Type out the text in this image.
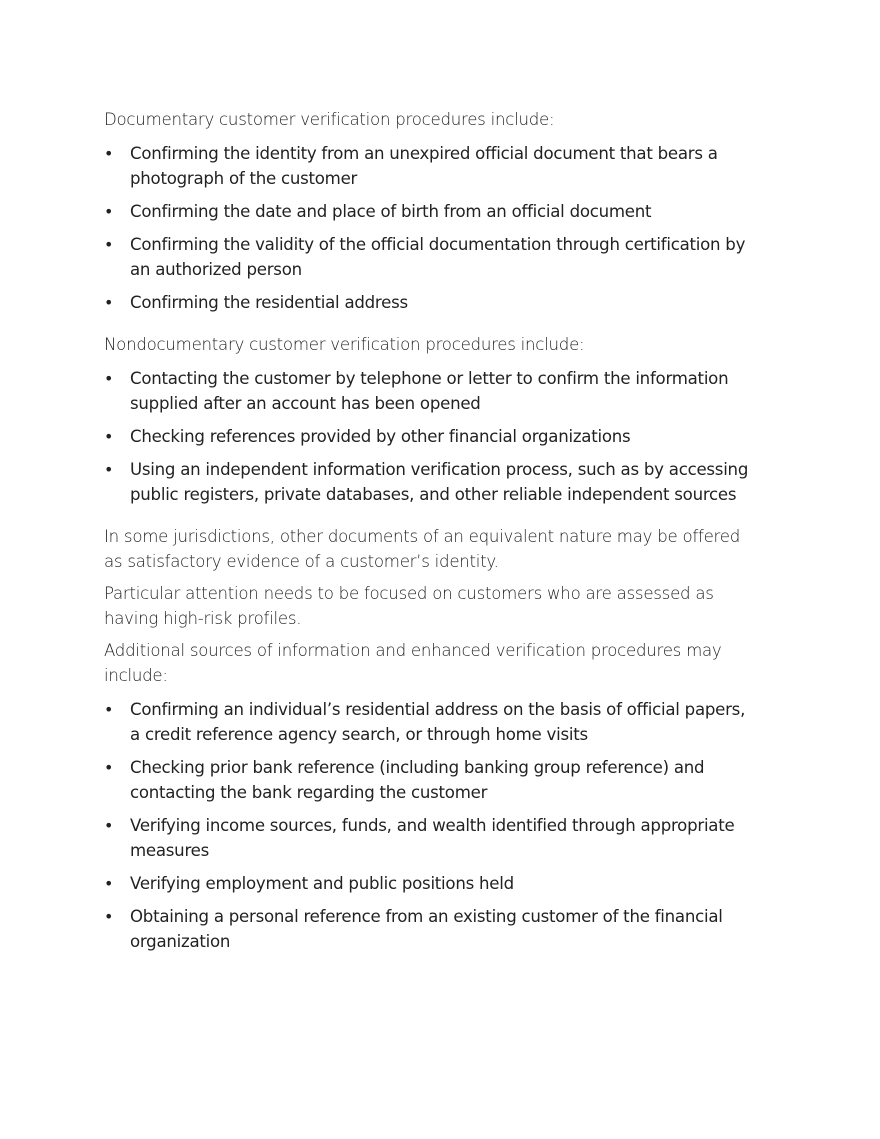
Documentary customer verification procedures include:

• Confirming the identity from an unexpired official document that bears a photograph of the customer
• Confirming the date and place of birth from an official document
• Confirming the validity of the official documentation through certification by an authorized person
• Confirming the residential address

Nondocumentary customer verification procedures include:

• Contacting the customer by telephone or letter to confirm the information supplied after an account has been opened
• Checking references provided by other financial organizations
• Using an independent information verification process, such as by accessing public registers, private databases, and other reliable independent sources

In some jurisdictions, other documents of an equivalent nature may be offered as satisfactory evidence of a customer’s identity.

Particular attention needs to be focused on customers who are assessed as having high-risk profiles.

Additional sources of information and enhanced verification procedures may include:

• Confirming an individual’s residential address on the basis of official papers, a credit reference agency search, or through home visits
• Checking prior bank reference (including banking group reference) and contacting the bank regarding the customer
• Verifying income sources, funds, and wealth identified through appropriate measures
• Verifying employment and public positions held
• Obtaining a personal reference from an existing customer of the financial organization
